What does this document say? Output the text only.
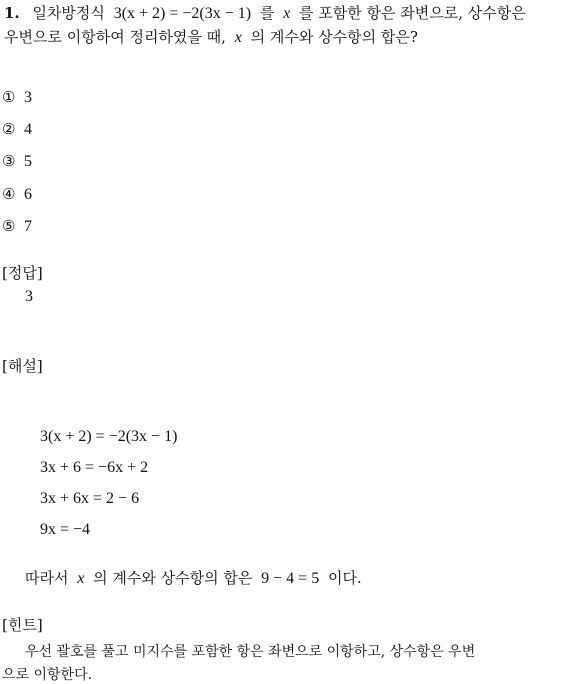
1. 일차방정식 3(x + 2) = −2(3x − 1) 를 x 를 포함한 항은 좌변으로, 상수항은
우변으로 이항하여 정리하였을 때, x 의 계수와 상수항의 합은?
① 3
② 4
③ 5
④ 6
⑤ 7
[정답]
3
[해설]
3(x + 2) = −2(3x − 1)
3x + 6 = −6x + 2
3x + 6x = 2 − 6
9x = −4
따라서 x 의 계수와 상수항의 합은 9 − 4 = 5 이다.
[힌트]
우선 괄호를 풀고 미지수를 포함한 항은 좌변으로 이항하고, 상수항은 우변
으로 이항한다.
